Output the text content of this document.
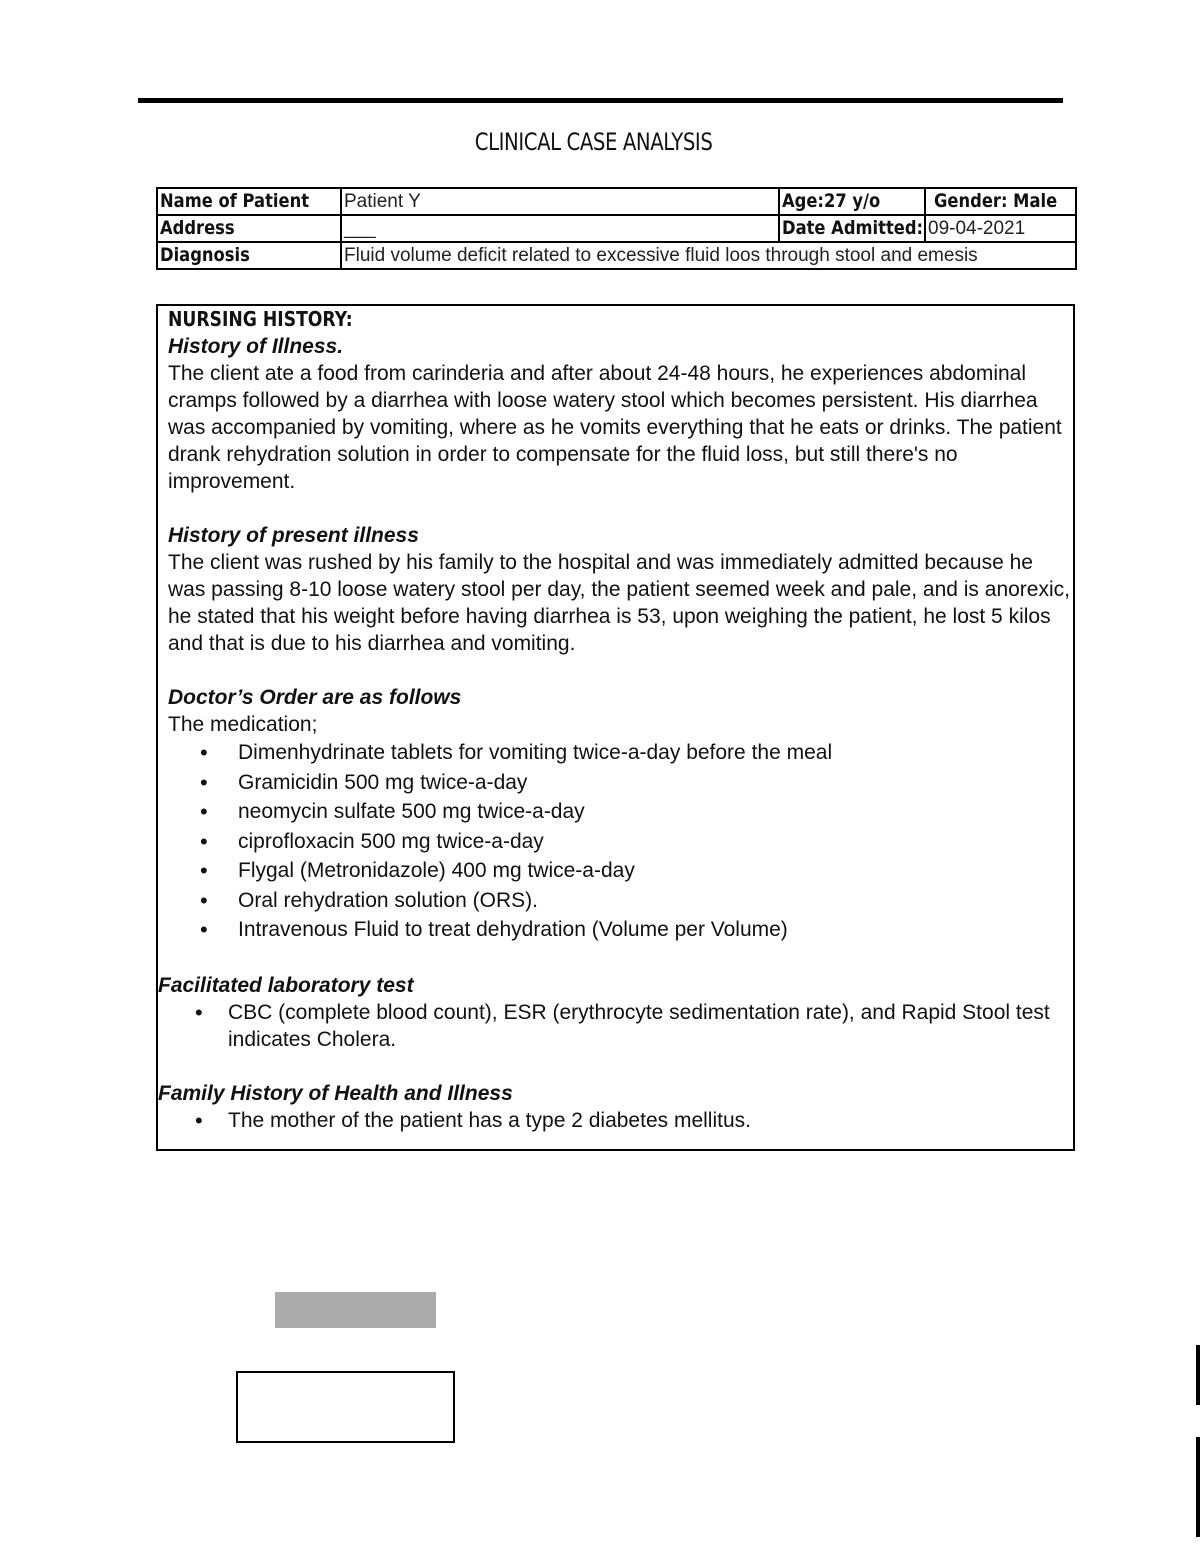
CLINICAL CASE ANALYSIS
Name of Patient	Patient Y	Age:27 y/o	Gender: Male
Address	___	Date Admitted:	09-04-2021
Diagnosis	Fluid volume deficit related to excessive fluid loos through stool and emesis		
NURSING HISTORY:
History of Illness.

The client ate a food from carinderia and after about 24-48 hours, he experiences abdominal cramps followed by a diarrhea with loose watery stool which becomes persistent. His diarrhea was accompanied by vomiting, where as he vomits everything that he eats or drinks. The patient drank rehydration solution in order to compensate for the fluid loss, but still there's no improvement.

History of present illness

The client was rushed by his family to the hospital and was immediately admitted because he was passing 8-10 loose watery stool per day, the patient seemed week and pale, and is anorexic, he stated that his weight before having diarrhea is 53, upon weighing the patient, he lost 5 kilos and that is due to his diarrhea and vomiting.

Doctor’s Order are as follows
The medication;
• Dimenhydrinate tablets for vomiting twice-a-day before the meal
• Gramicidin 500 mg twice-a-day
• neomycin sulfate 500 mg twice-a-day
• ciprofloxacin 500 mg twice-a-day
• Flygal (Metronidazole) 400 mg twice-a-day
• Oral rehydration solution (ORS).
• Intravenous Fluid to treat dehydration (Volume per Volume)
Facilitated laboratory test
• CBC (complete blood count), ESR (erythrocyte sedimentation rate), and Rapid Stool test indicates Cholera.
Family History of Health and Illness
• The mother of the patient has a type 2 diabetes mellitus.
